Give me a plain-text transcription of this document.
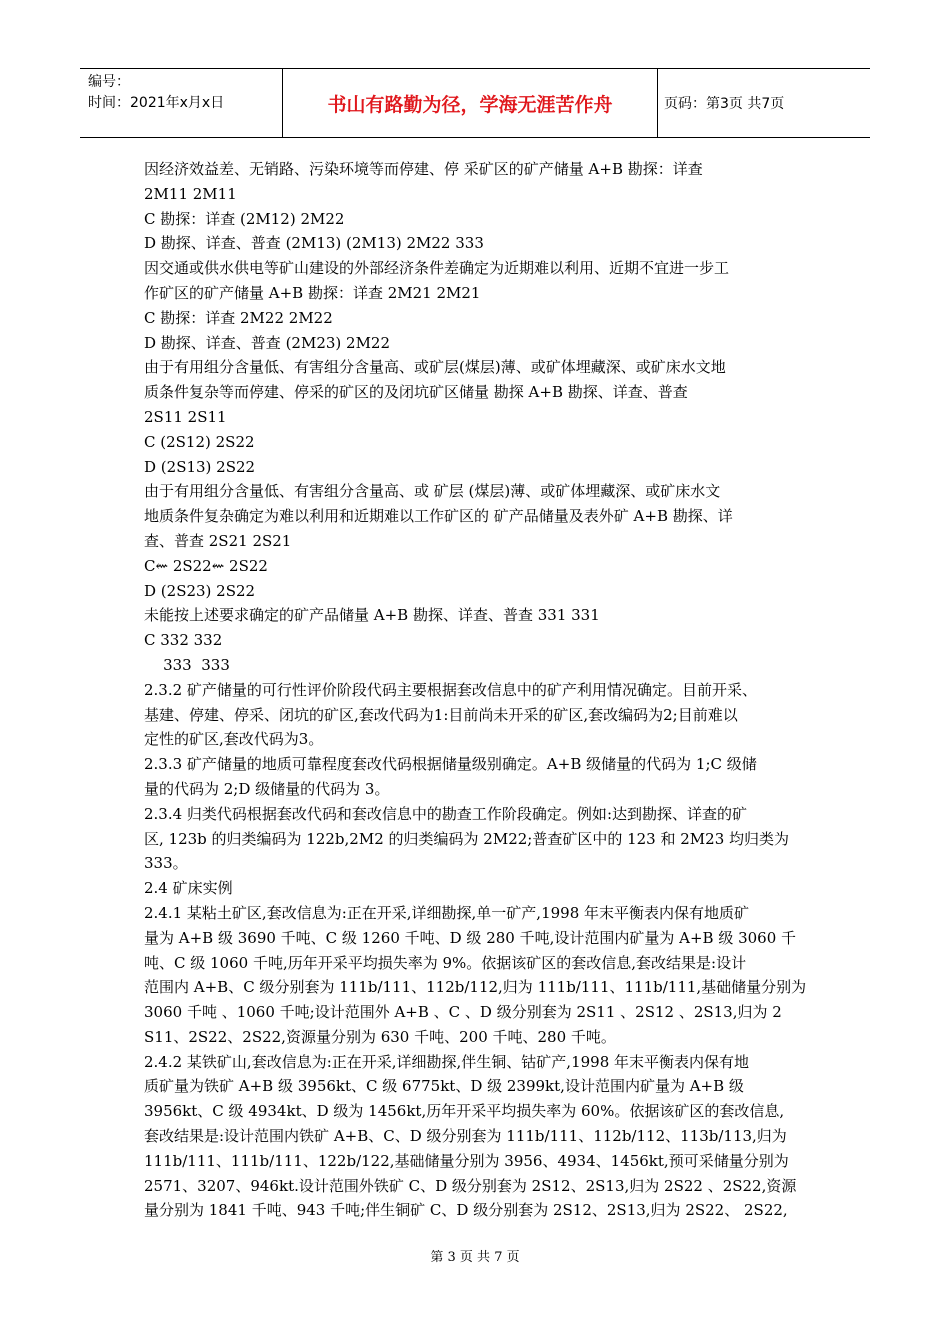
编号：
时间：2021年x月x日	书山有路勤为径，学海无涯苦作舟	页码：第3页 共7页
因经济效益差、无销路、污染环境等而停建、停 采矿区的矿产储量 A+B 勘探：详查
2M11 2M11
C 勘探：详查 (2M12) 2M22
D 勘探、详查、普查 (2M13) (2M13) 2M22 333
因交通或供水供电等矿山建设的外部经济条件差确定为近期难以利用、近期不宜进一步工
作矿区的矿产储量 A+B 勘探：详查 2M21 2M21
C 勘探：详查 2M22 2M22
D 勘探、详查、普查 (2M23) 2M22
由于有用组分含量低、有害组分含量高、或矿层(煤层)薄、或矿体埋藏深、或矿床水文地
质条件复杂等而停建、停采的矿区的及闭坑矿区储量 勘探 A+B 勘探、详查、普查
2S11 2S11
C (2S12) 2S22
D (2S13) 2S22
由于有用组分含量低、有害组分含量高、或 矿层 (煤层)薄、或矿体埋藏深、或矿床水文
地质条件复杂确定为难以利用和近期难以工作矿区的 矿产品储量及表外矿 A+B 勘探、详
查、普查 2S21 2S21
C⇜ 2S22⇜ 2S22
D (2S23) 2S22
未能按上述要求确定的矿产品储量 A+B 勘探、详查、普查 331 331
C 332 332
333  333
2.3.2 矿产储量的可行性评价阶段代码主要根据套改信息中的矿产利用情况确定。目前开采、
基建、停建、停采、闭坑的矿区,套改代码为1:目前尚未开采的矿区,套改编码为2;目前难以
定性的矿区,套改代码为3。
2.3.3 矿产储量的地质可靠程度套改代码根据储量级别确定。A+B 级储量的代码为 1;C 级储
量的代码为 2;D 级储量的代码为 3。
2.3.4 归类代码根据套改代码和套改信息中的勘查工作阶段确定。例如:达到勘探、详查的矿
区, 123b 的归类编码为 122b,2M2 的归类编码为 2M22;普查矿区中的 123 和 2M23 均归类为
333。
2.4 矿床实例
2.4.1 某粘土矿区,套改信息为:正在开采,详细勘探,单一矿产,1998 年末平衡表内保有地质矿
量为 A+B 级 3690 千吨、C 级 1260 千吨、D 级 280 千吨,设计范围内矿量为 A+B 级 3060 千
吨、C 级 1060 千吨,历年开采平均损失率为 9%。依据该矿区的套改信息,套改结果是:设计
范围内 A+B、C 级分别套为 111b/111、112b/112,归为 111b/111、111b/111,基础储量分别为
3060 千吨 、1060 千吨;设计范围外 A+B 、C 、D 级分别套为 2S11 、2S12 、2S13,归为 2
S11、2S22、2S22,资源量分别为 630 千吨、200 千吨、280 千吨。
2.4.2 某铁矿山,套改信息为:正在开采,详细勘探,伴生铜、钴矿产,1998 年末平衡表内保有地
质矿量为铁矿 A+B 级 3956kt、C 级 6775kt、D 级 2399kt,设计范围内矿量为 A+B 级
3956kt、C 级 4934kt、D 级为 1456kt,历年开采平均损失率为 60%。依据该矿区的套改信息,
套改结果是:设计范围内铁矿 A+B、C、D 级分别套为 111b/111、112b/112、113b/113,归为
111b/111、111b/111、122b/122,基础储量分别为 3956、4934、1456kt,预可采储量分别为
2571、3207、946kt.设计范围外铁矿 C、D 级分别套为 2S12、2S13,归为 2S22 、2S22,资源
量分别为 1841 千吨、943 千吨;伴生铜矿 C、D 级分别套为 2S12、2S13,归为 2S22、 2S22,
第 3 页 共 7 页
